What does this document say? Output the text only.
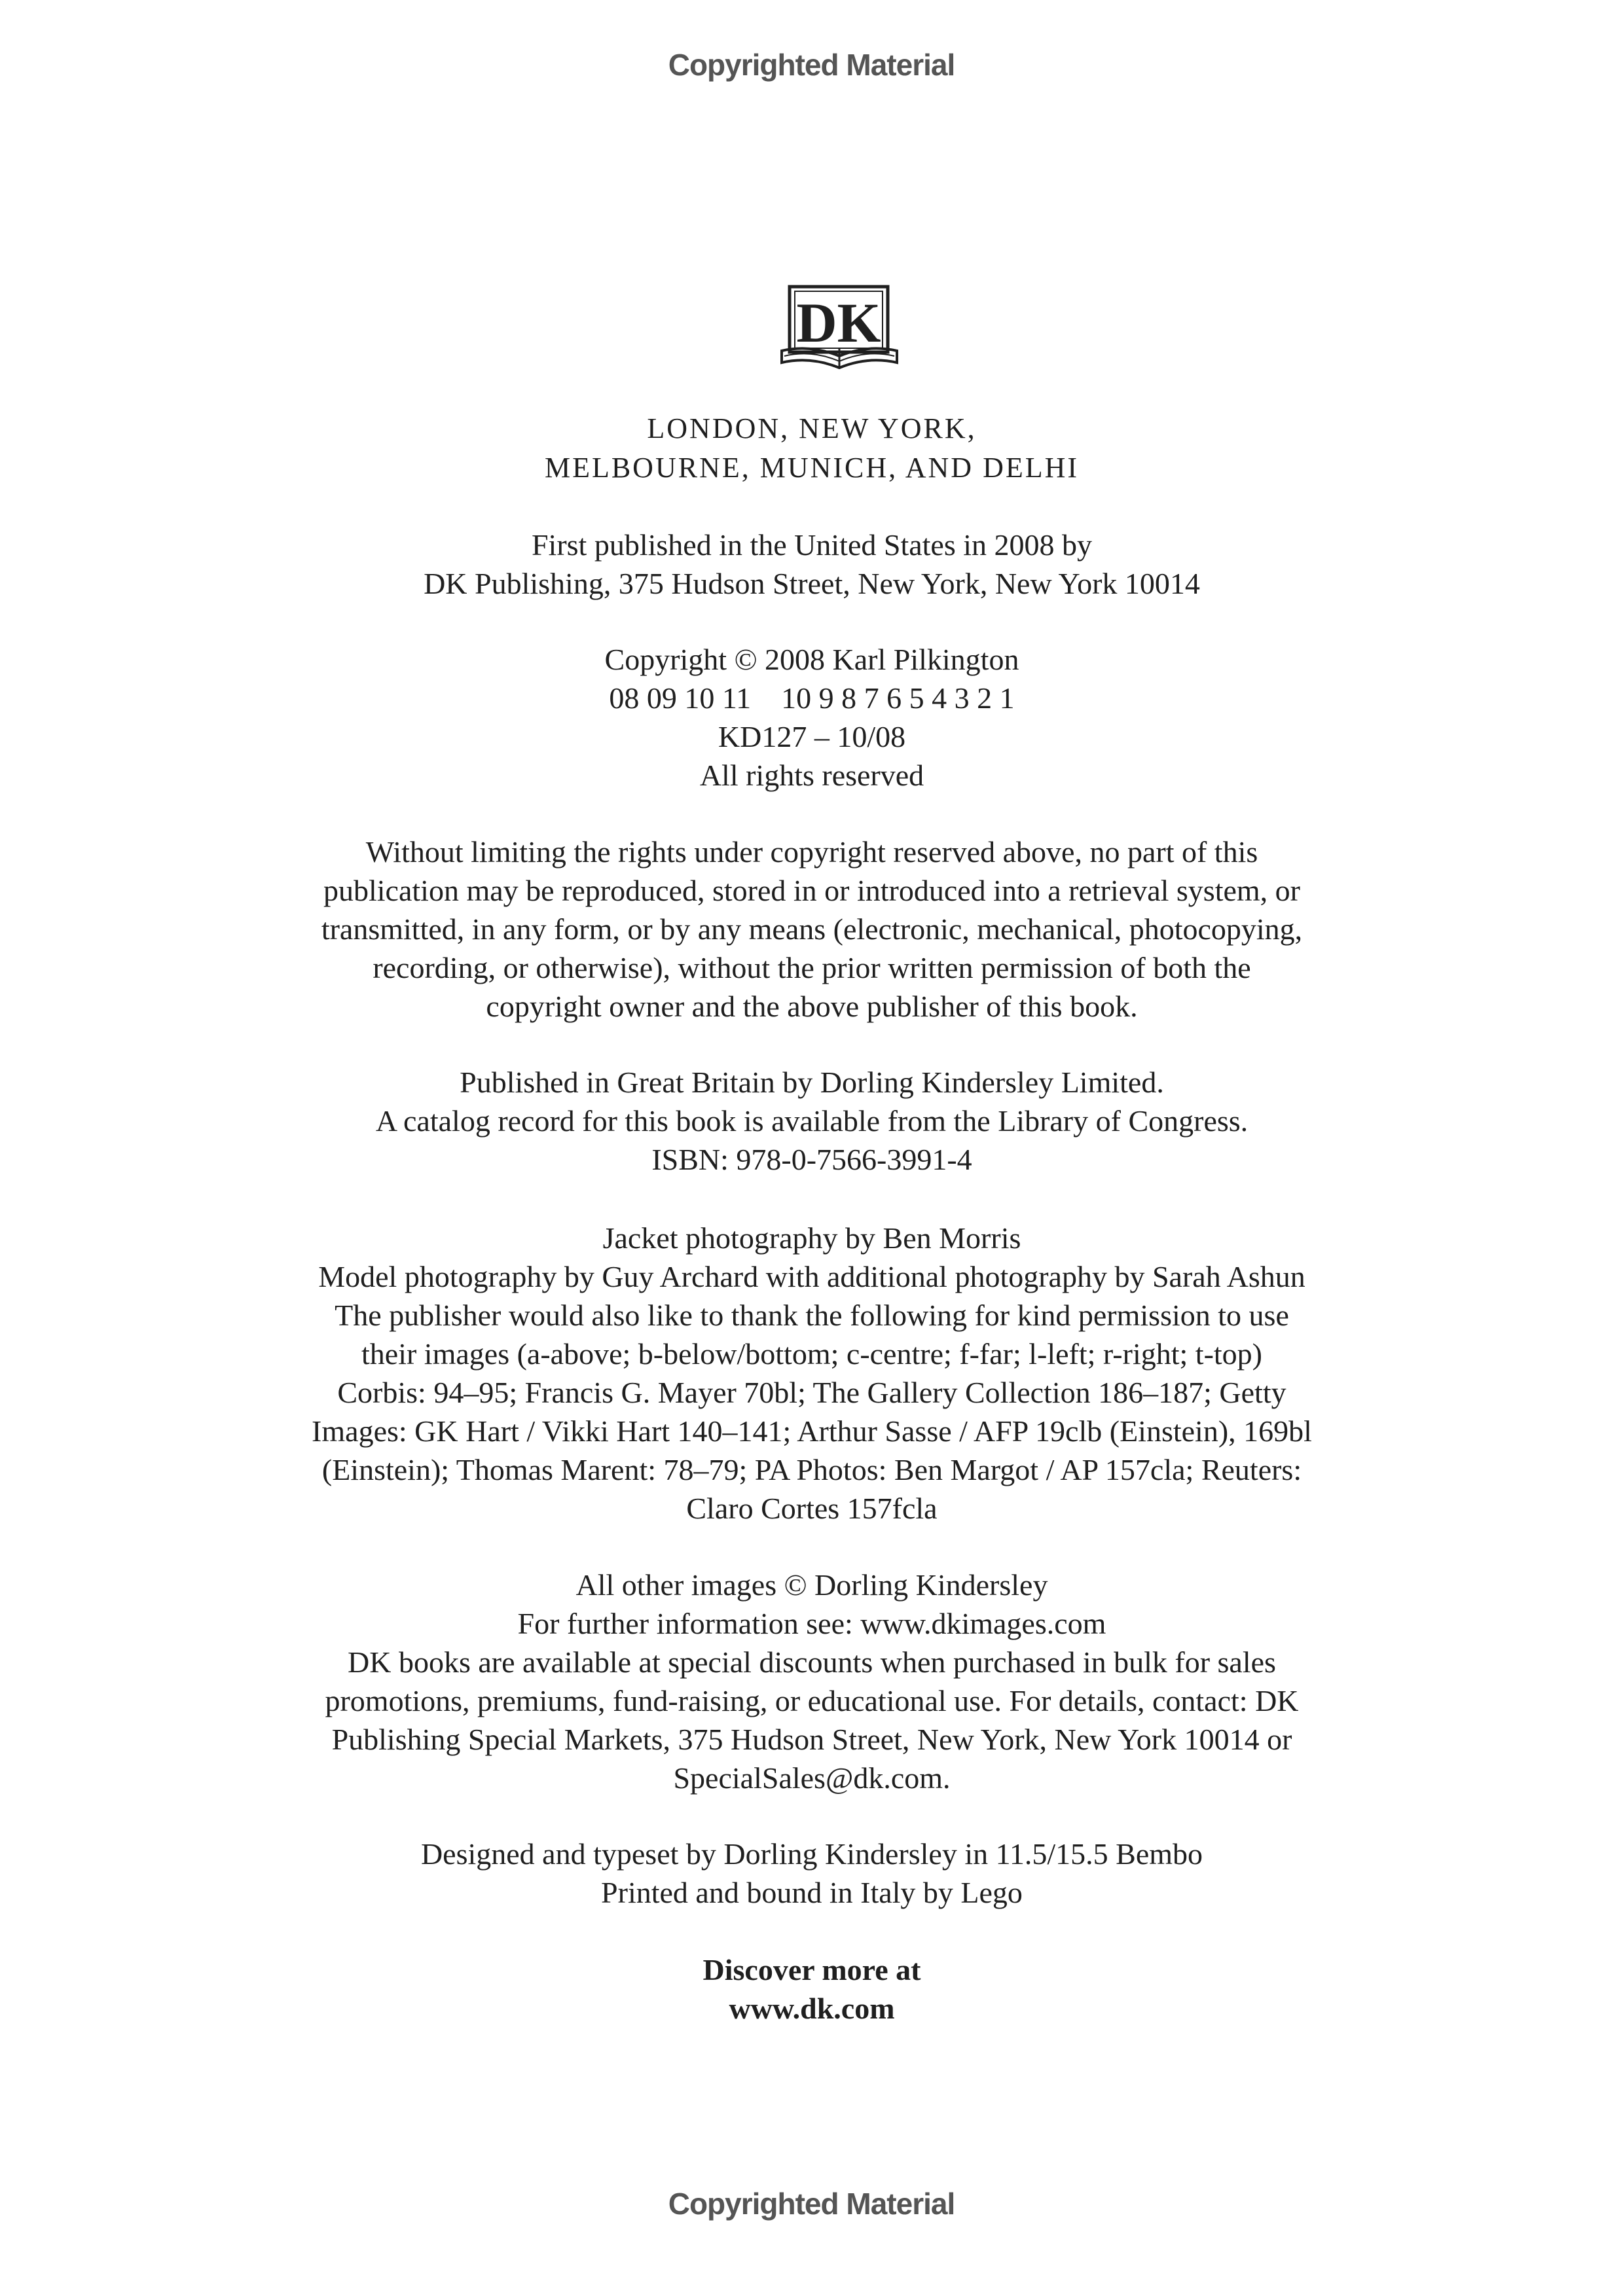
Copyrighted Material
DK
LONDON, NEW YORK,
MELBOURNE, MUNICH, AND DELHI
First published in the United States in 2008 by
DK Publishing, 375 Hudson Street, New York, New York 10014
Copyright © 2008 Karl Pilkington
08 09 10 11    10 9 8 7 6 5 4 3 2 1
KD127 – 10/08
All rights reserved
Without limiting the rights under copyright reserved above, no part of this
publication may be reproduced, stored in or introduced into a retrieval system, or
transmitted, in any form, or by any means (electronic, mechanical, photocopying,
recording, or otherwise), without the prior written permission of both the
copyright owner and the above publisher of this book.
Published in Great Britain by Dorling Kindersley Limited.
A catalog record for this book is available from the Library of Congress.
ISBN: 978-0-7566-3991-4
Jacket photography by Ben Morris
Model photography by Guy Archard with additional photography by Sarah Ashun
The publisher would also like to thank the following for kind permission to use
their images (a-above; b-below/bottom; c-centre; f-far; l-left; r-right; t-top)
Corbis: 94–95; Francis G. Mayer 70bl; The Gallery Collection 186–187; Getty
Images: GK Hart / Vikki Hart 140–141; Arthur Sasse / AFP 19clb (Einstein), 169bl
(Einstein); Thomas Marent: 78–79; PA Photos: Ben Margot / AP 157cla; Reuters:
Claro Cortes 157fcla
All other images © Dorling Kindersley
For further information see: www.dkimages.com
DK books are available at special discounts when purchased in bulk for sales
promotions, premiums, fund-raising, or educational use. For details, contact: DK
Publishing Special Markets, 375 Hudson Street, New York, New York 10014 or
SpecialSales@dk.com.
Designed and typeset by Dorling Kindersley in 11.5/15.5 Bembo
Printed and bound in Italy by Lego
Discover more at
www.dk.com
Copyrighted Material
